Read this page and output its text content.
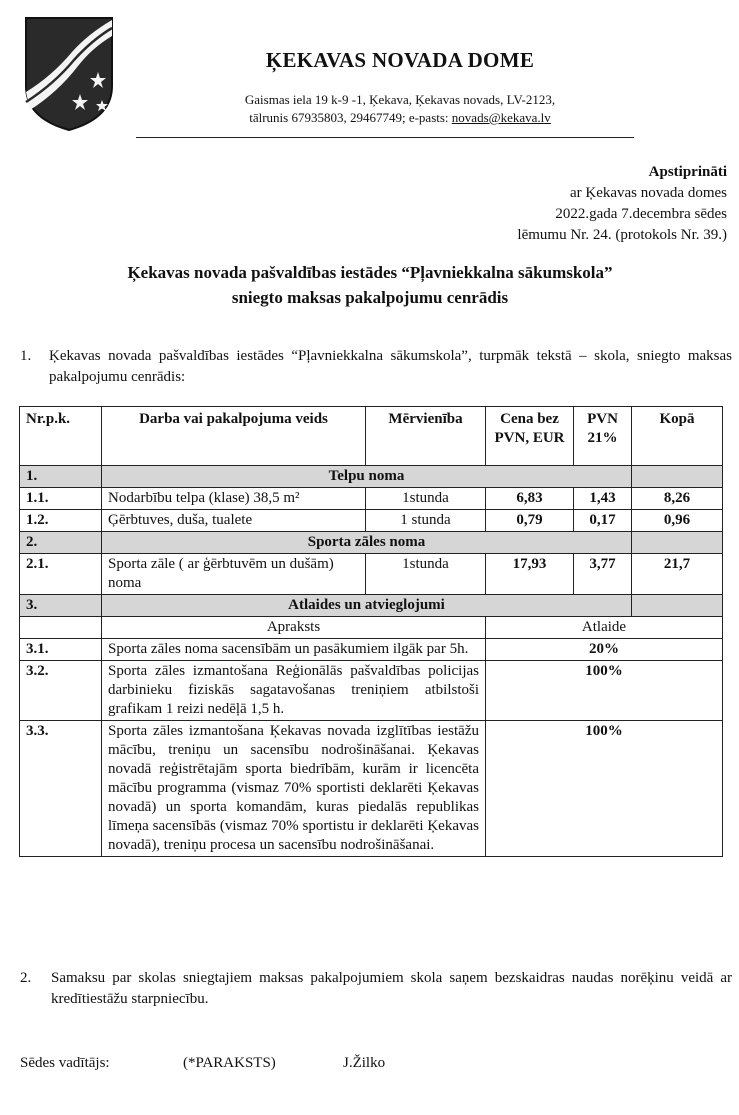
ĶEKAVAS NOVADA DOME
Gaismas iela 19 k-9 -1, Ķekava, Ķekavas novads, LV-2123,
tālrunis 67935803, 29467749; e-pasts: novads@kekava.lv
Apstiprināti
ar Ķekavas novada domes
2022.gada 7.decembra sēdes
lēmumu Nr. 24. (protokols Nr. 39.)
Ķekavas novada pašvaldības iestādes “Pļavniekkalna sākumskola”
sniegto maksas pakalpojumu cenrādis
1. Ķekavas novada pašvaldības iestādes “Pļavniekkalna sākumskola”, turpmāk tekstā – skola, sniegto maksas pakalpojumu cenrādis:
Nr.p.k.	Darba vai pakalpojuma veids	Mērvienība	Cena bez PVN, EUR	PVN 21%	Kopā
1.	Telpu noma				
1.1.	Nodarbību telpa (klase) 38,5 m²	1stunda	6,83	1,43	8,26
1.2.	Ģērbtuves, duša, tualete	1 stunda	0,79	0,17	0,96
2.	Sporta zāles noma				
2.1.	Sporta zāle ( ar ģērbtuvēm un dušām) noma	1stunda	17,93	3,77	21,7
3.	Atlaides un atvieglojumi				
	Apraksts		Atlaide		
3.1.	Sporta zāles noma sacensībām un pasākumiem ilgāk par 5h.		20%		
3.2.	Sporta zāles izmantošana Reģionālās pašvaldības policijas darbinieku fiziskās sagatavošanas treniņiem atbilstoši grafikam 1 reizi nedēļā 1,5 h.		100%		
3.3.	Sporta zāles izmantošana Ķekavas novada izglītības iestāžu mācību, treniņu un sacensību nodrošināšanai. Ķekavas novadā reģistrētajām sporta biedrībām, kurām ir licencēta mācību programma (vismaz 70% sportisti deklarēti Ķekavas novadā) un sporta komandām, kuras piedalās republikas līmeņa sacensībās (vismaz 70% sportistu ir deklarēti Ķekavas novadā), treniņu procesa un sacensību nodrošināšanai.		100%		
2. Samaksu par skolas sniegtajiem maksas pakalpojumiem skola saņem bezskaidras naudas norēķinu veidā ar kredītiestāžu starpniecību.
Sēdes vadītājs:	(*PARAKSTS)	J.Žilko
